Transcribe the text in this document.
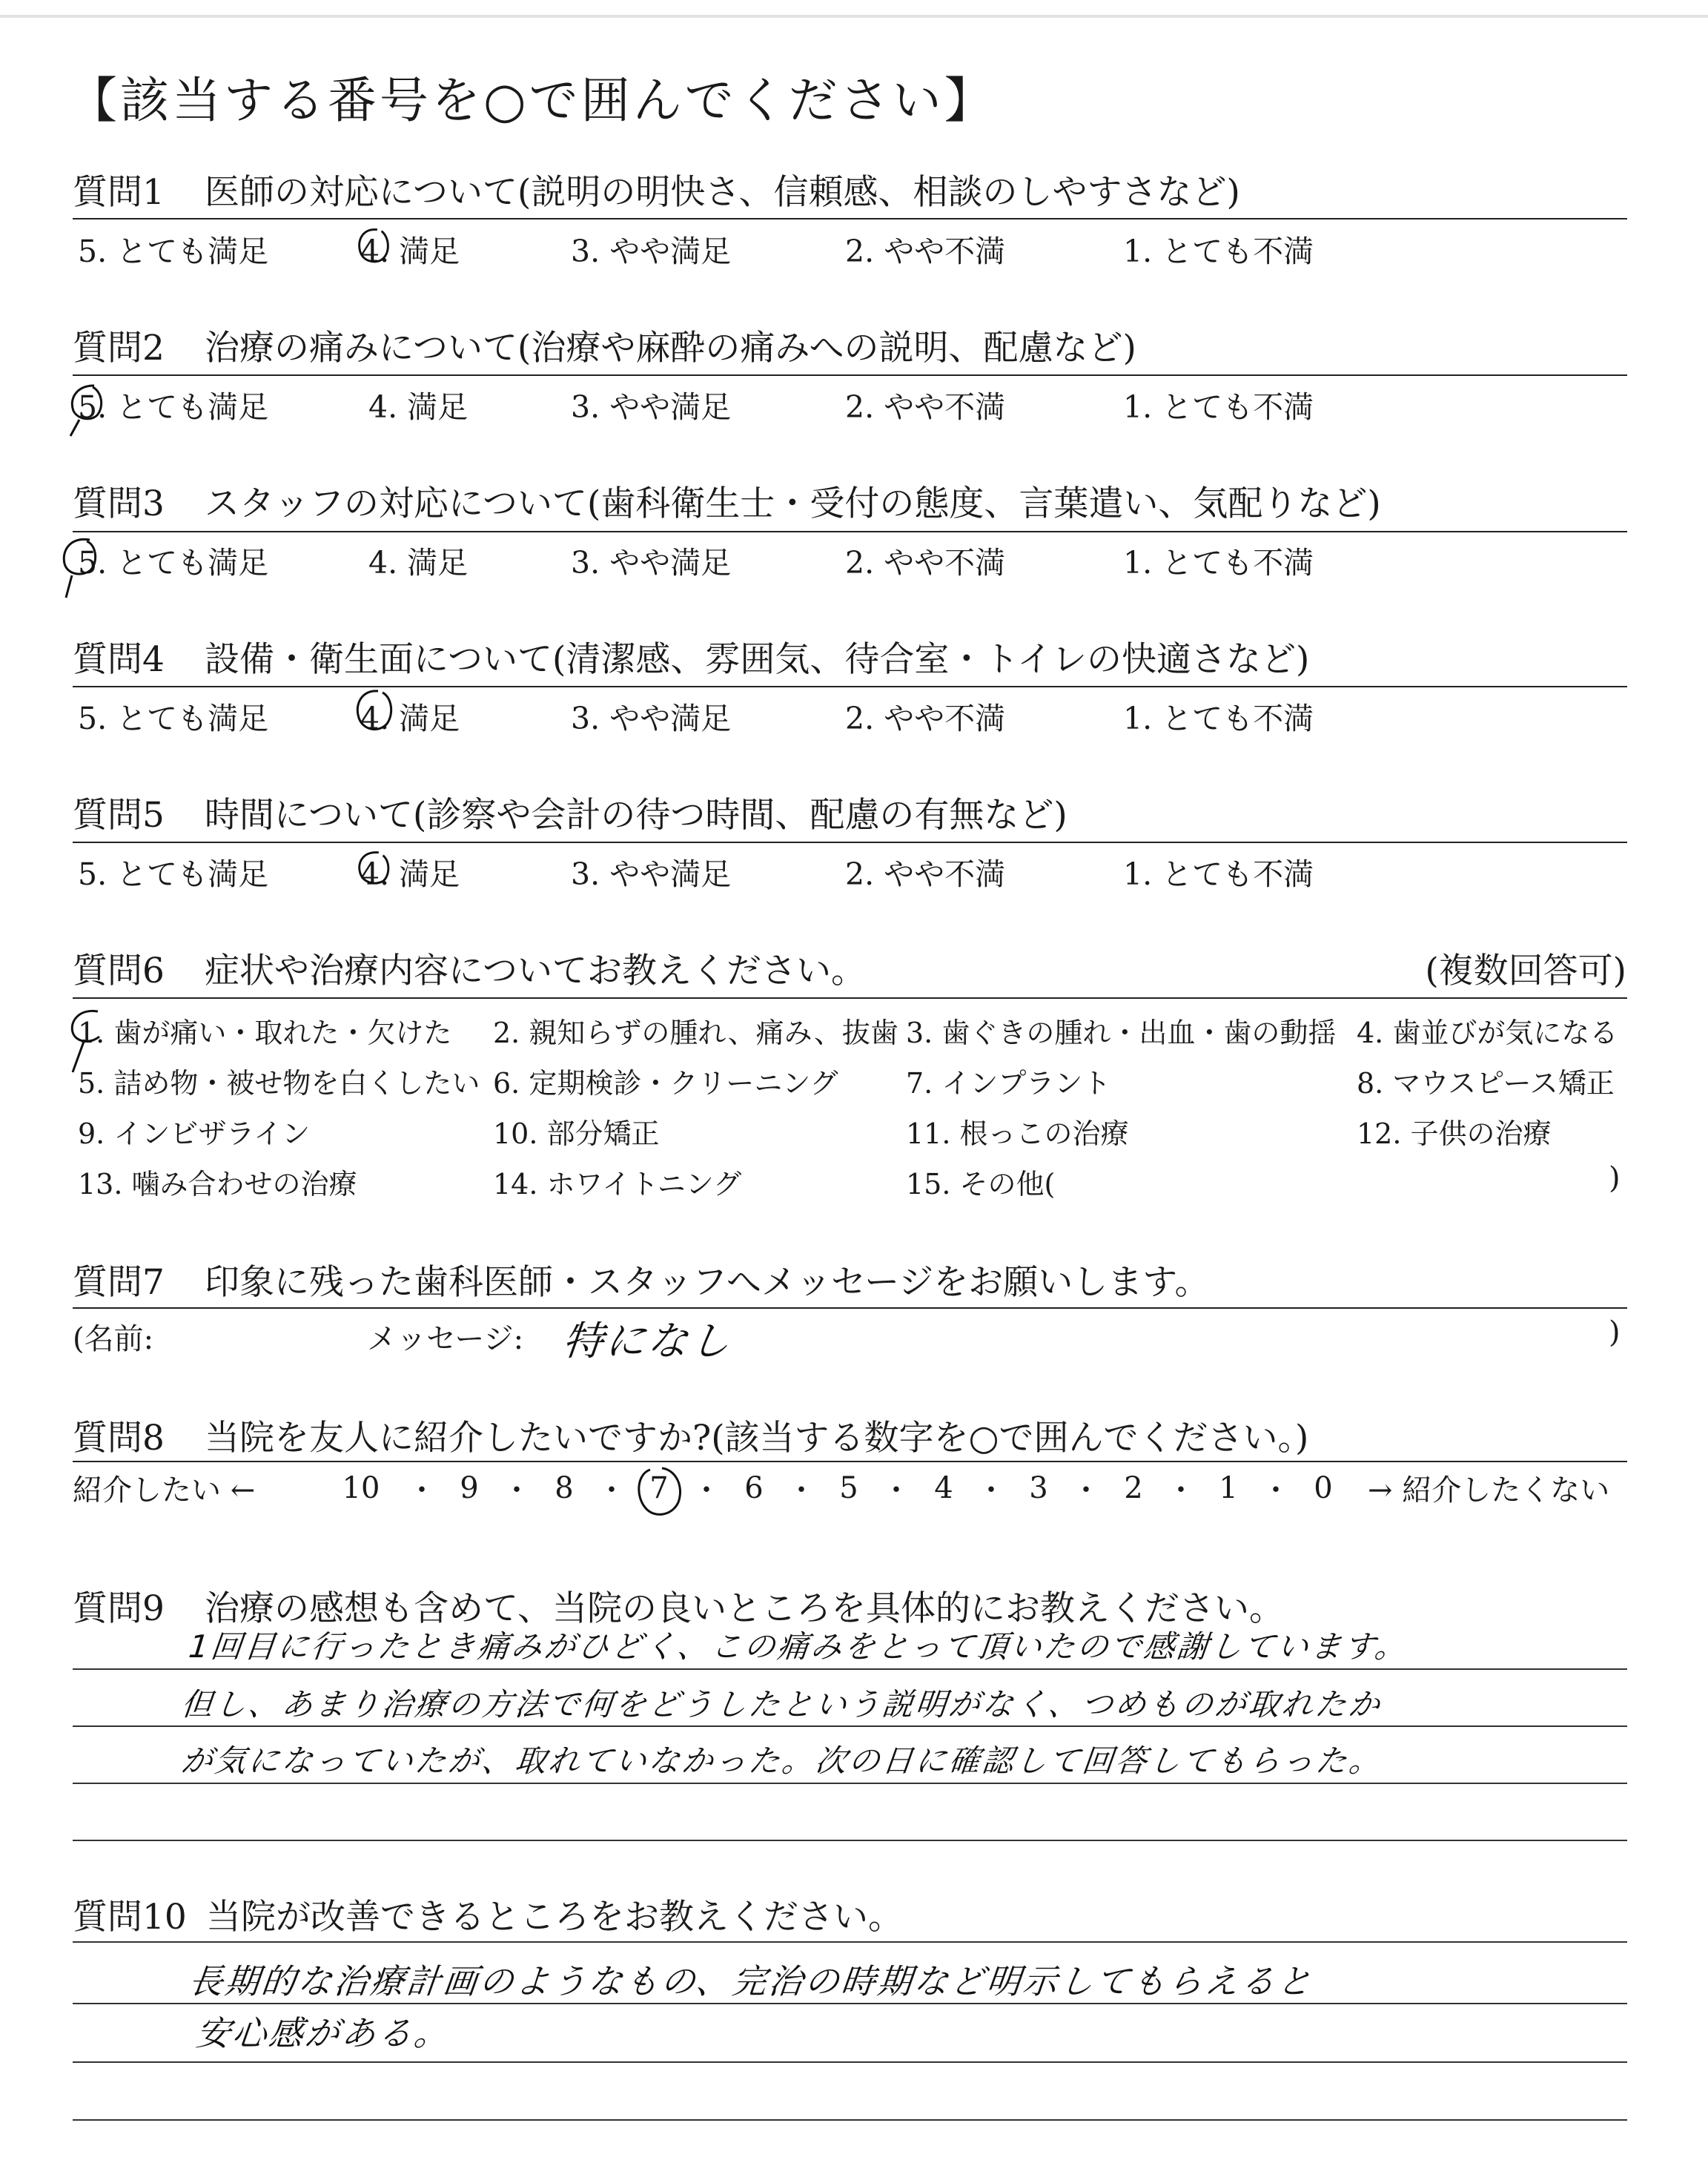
【該当する番号を○で囲んでください】
質問1 医師の対応について(説明の明快さ、信頼感、相談のしやすさなど)
5. とても満足	4. 満足	3. やや満足	2. やや不満	1. とても不満
質問2 治療の痛みについて(治療や麻酔の痛みへの説明、配慮など)
5. とても満足	4. 満足	3. やや満足	2. やや不満	1. とても不満
質問3 スタッフの対応について(歯科衛生士・受付の態度、言葉遣い、気配りなど)
5. とても満足	4. 満足	3. やや満足	2. やや不満	1. とても不満
質問4 設備・衛生面について(清潔感、雰囲気、待合室・トイレの快適さなど)
5. とても満足	4. 満足	3. やや満足	2. やや不満	1. とても不満
質問5 時間について(診察や会計の待つ時間、配慮の有無など)
5. とても満足	4. 満足	3. やや満足	2. やや不満	1. とても不満
質問6 症状や治療内容についてお教えください。	(複数回答可)
1. 歯が痛い・取れた・欠けた 2. 親知らずの腫れ、痛み、抜歯 3. 歯ぐきの腫れ・出血・歯の動揺 4. 歯並びが気になる
5. 詰め物・被せ物を白くしたい 6. 定期検診・クリーニング 7. インプラント	8. マウスピース矯正
9. インビザライン	10. 部分矯正	11. 根っこの治療	12. 子供の治療
13. 噛み合わせの治療	14. ホワイトニング	15. その他(	)
質問7 印象に残った歯科医師・スタッフへメッセージをお願いします。
(名前:	メッセージ: 特になし	)
質問8 当院を友人に紹介したいですか?(該当する数字を○で囲んでください。)
紹介したい ←	10 ・ 9 ・ 8 ・ 7 ・ 6 ・ 5 ・ 4 ・ 3 ・ 2 ・ 1 ・ 0	→ 紹介したくない
質問9 治療の感想も含めて、当院の良いところを具体的にお教えください。
1回目に行ったとき痛みがひどく、この痛みをとって頂いたので感謝しています。
但し、あまり治療の方法で何をどうしたという説明がなく、つめものが取れたか
が気になっていたが、取れていなかった。次の日に確認して回答してもらった。
質問10 当院が改善できるところをお教えください。
長期的な治療計画のようなもの、完治の時期など明示してもらえると
安心感がある。
